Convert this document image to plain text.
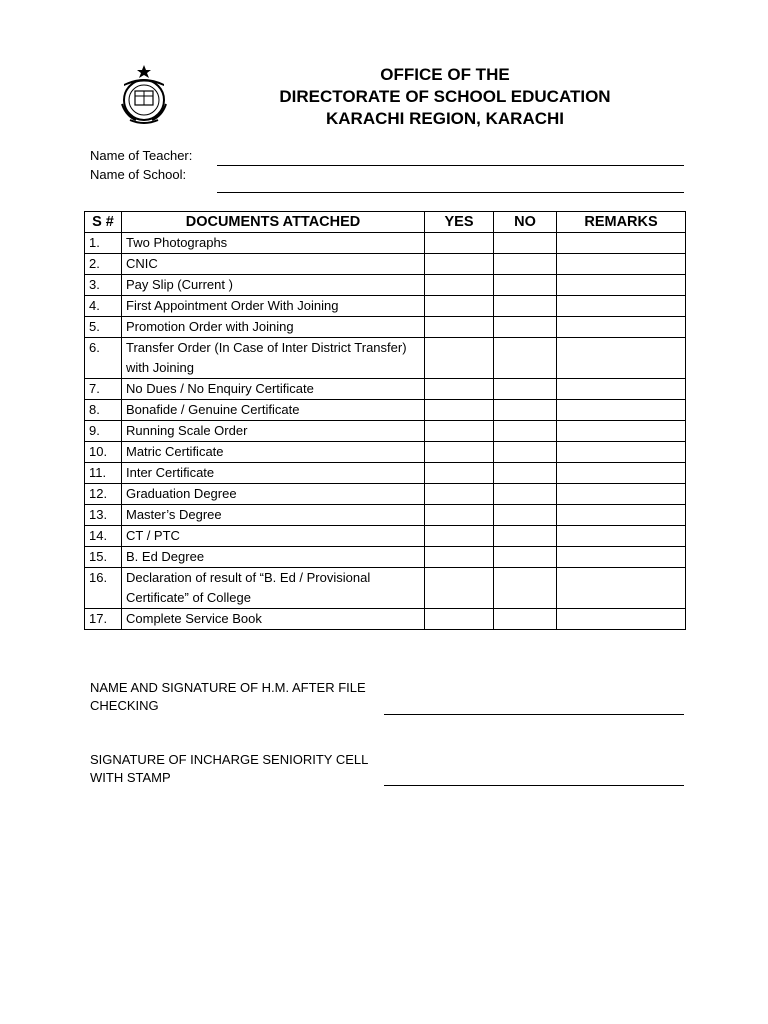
OFFICE OF THE
DIRECTORATE OF SCHOOL EDUCATION
KARACHI REGION, KARACHI
Name of Teacher:
Name of School:
S #	DOCUMENTS ATTACHED	YES	NO	REMARKS
1.	Two Photographs			
2.	CNIC			
3.	Pay Slip (Current )			
4.	First Appointment Order With Joining			
5.	Promotion Order with Joining			
6.	Transfer Order (In Case of Inter District Transfer) with Joining			
7.	No Dues / No Enquiry Certificate			
8.	Bonafide / Genuine Certificate			
9.	Running Scale Order			
10.	Matric Certificate			
11.	Inter Certificate			
12.	Graduation Degree			
13.	Master’s Degree			
14.	CT / PTC			
15.	B. Ed Degree			
16.	Declaration of result of “B. Ed / Provisional Certificate” of College			
17.	Complete Service Book			
NAME AND SIGNATURE OF H.M. AFTER FILE CHECKING
SIGNATURE OF INCHARGE SENIORITY CELL WITH STAMP
